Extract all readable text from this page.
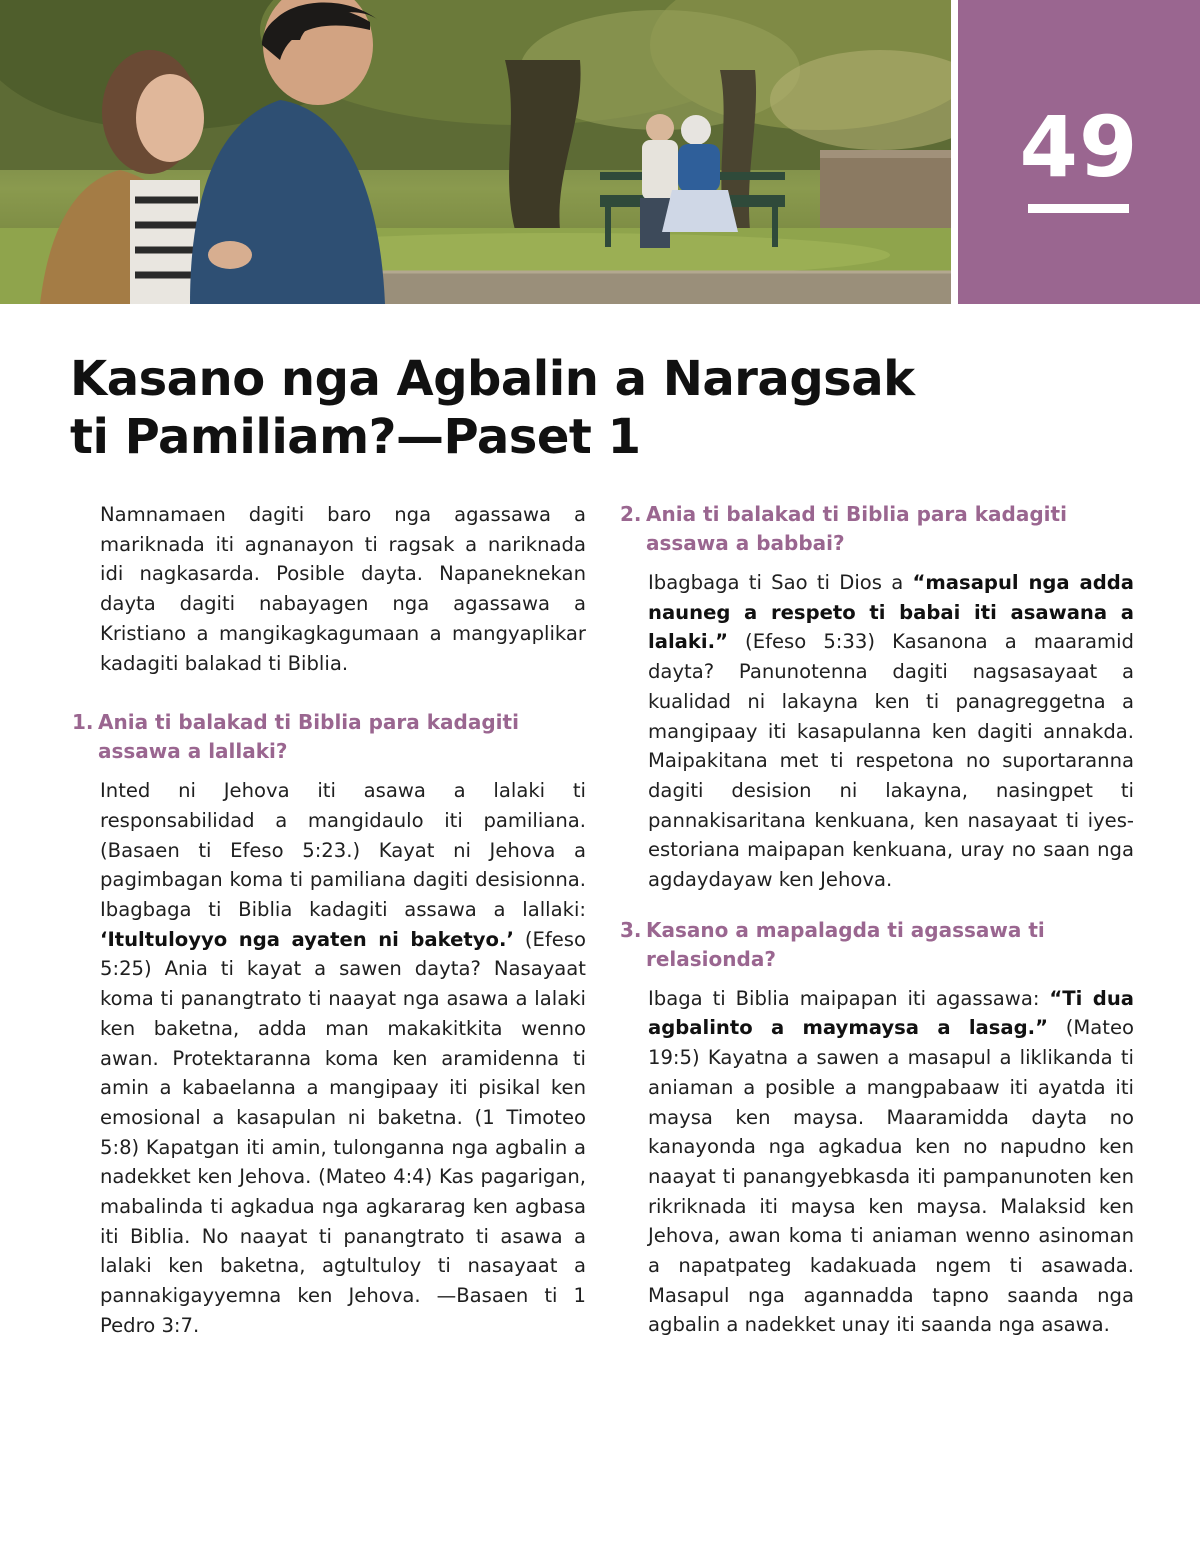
49
Kasano nga Agbalin a Naragsak
ti Pamiliam?—Paset 1

Namnamaen dagiti baro nga agassawa a mariknada iti agnanayon ti ragsak a nariknada idi nagkasarda. Posible dayta. Napaneknekan dayta dagiti nabayagen nga agassawa a Kristiano a mangikagkagumaan a mangyaplikar kadagiti balakad ti Biblia.

1. Ania ti balakad ti Biblia para kadagiti assawa a lallaki?

Inted ni Jehova iti asawa a lalaki ti responsabilidad a mangidaulo iti pamiliana. (Basaen ti Efeso 5:23.) Kayat ni Jehova a pagimbagan koma ti pamiliana dagiti desisionna. Ibagbaga ti Biblia kadagiti assawa a lallaki: ‘Itultuloyyo nga ayaten ni baketyo.’ (Efeso 5:25) Ania ti kayat a sawen dayta? Nasayaat koma ti panangtrato ti naayat nga asawa a lalaki ken baketna, adda man makakitkita wenno awan. Protektaranna koma ken aramidenna ti amin a kabaelanna a mangipaay iti pisikal ken emosional a kasapulan ni baketna. (1 Timoteo 5:8) Kapatgan iti amin, tulonganna nga agbalin a nadekket ken Jehova. (Mateo 4:4) Kas pagarigan, mabalinda ti agkadua nga agkararag ken agbasa iti Biblia. No naayat ti panangtrato ti asawa a lalaki ken baketna, agtultuloy ti nasayaat a pannakigayyemna ken Jehova. —Basaen ti 1 Pedro 3:7.

2. Ania ti balakad ti Biblia para kadagiti assawa a babbai?

Ibagbaga ti Sao ti Dios a “masapul nga adda nauneg a respeto ti babai iti asawana a lalaki.” (Efeso 5:33) Kasanona a maaramid dayta? Panunotenna dagiti nagsasayaat a kualidad ni lakayna ken ti panagreggetna a mangipaay iti kasapulanna ken dagiti annakda. Maipakitana met ti respetona no suportaranna dagiti desision ni lakayna, nasingpet ti pannakisaritana kenkuana, ken nasayaat ti iyes-estoriana maipapan kenkuana, uray no saan nga agdaydayaw ken Jehova.

3. Kasano a mapalagda ti agassawa ti relasionda?

Ibaga ti Biblia maipapan iti agassawa: “Ti dua agbalinto a maymaysa a lasag.” (Mateo 19:5) Kayatna a sawen a masapul a liklikanda ti aniaman a posible a mangpabaaw iti ayatda iti maysa ken maysa. Maaramidda dayta no kanayonda nga agkadua ken no napudno ken naayat ti panangyebkasda iti pampanunoten ken rikriknada iti maysa ken maysa. Malaksid ken Jehova, awan koma ti aniaman wenno asinoman a napatpateg kadakuada ngem ti asawada. Masapul nga agannadda tapno saanda nga agbalin a nadekket unay iti saanda nga asawa.
